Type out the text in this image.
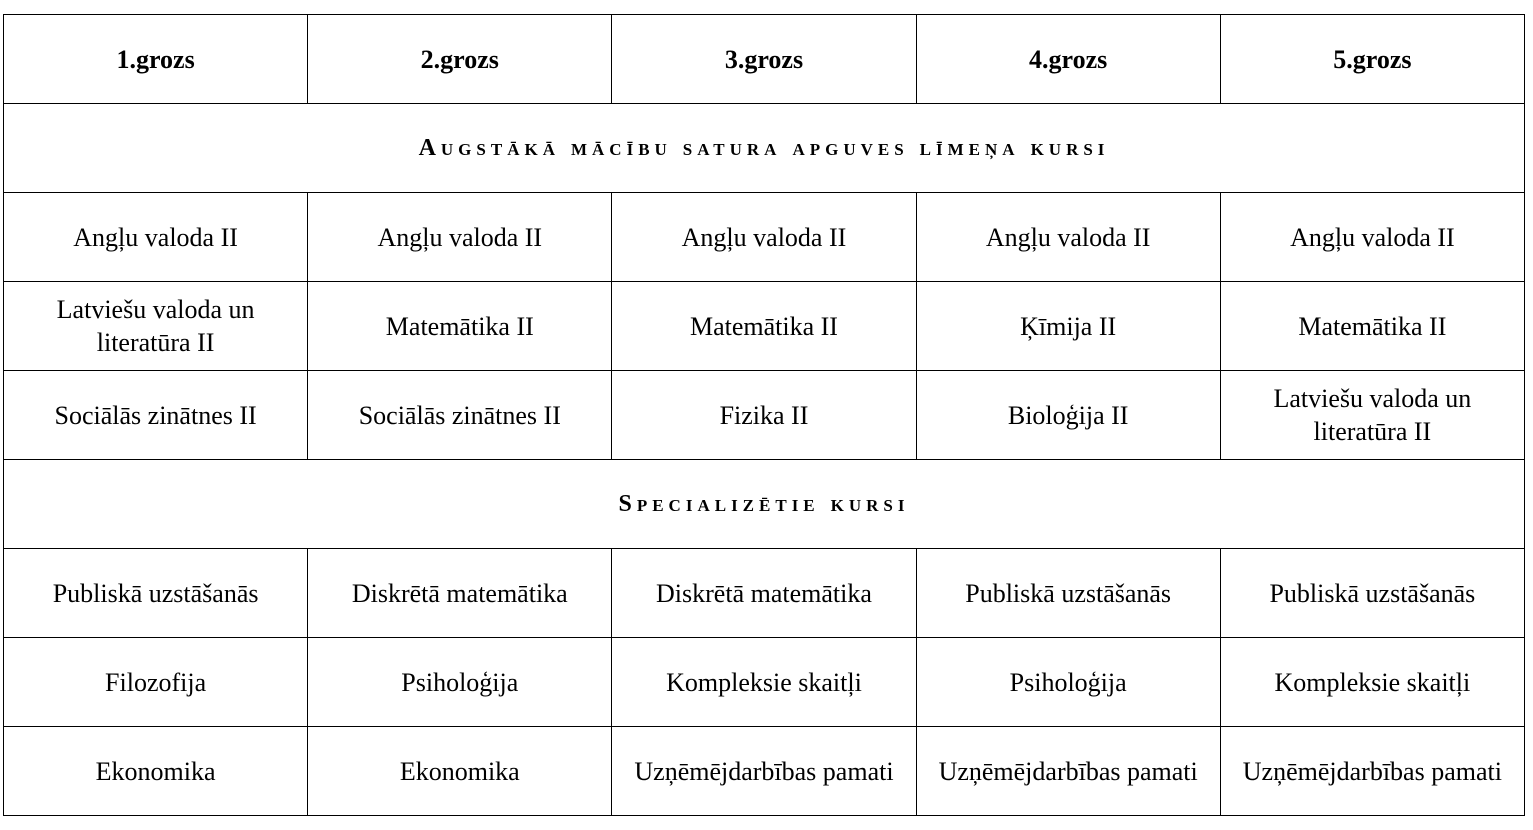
1.grozs	2.grozs	3.grozs	4.grozs	5.grozs
Augstākā mācību satura apguves līmeņa kursi				
Angļu valoda II	Angļu valoda II	Angļu valoda II	Angļu valoda II	Angļu valoda II
Latviešu valoda un literatūra II	Matemātika II	Matemātika II	Ķīmija II	Matemātika II
Sociālās zinātnes II	Sociālās zinātnes II	Fizika II	Bioloģija II	Latviešu valoda un literatūra II
Specializētie kursi				
Publiskā uzstāšanās	Diskrētā matemātika	Diskrētā matemātika	Publiskā uzstāšanās	Publiskā uzstāšanās
Filozofija	Psiholoģija	Kompleksie skaitļi	Psiholoģija	Kompleksie skaitļi
Ekonomika	Ekonomika	Uzņēmējdarbības pamati	Uzņēmējdarbības pamati	Uzņēmējdarbības pamati
